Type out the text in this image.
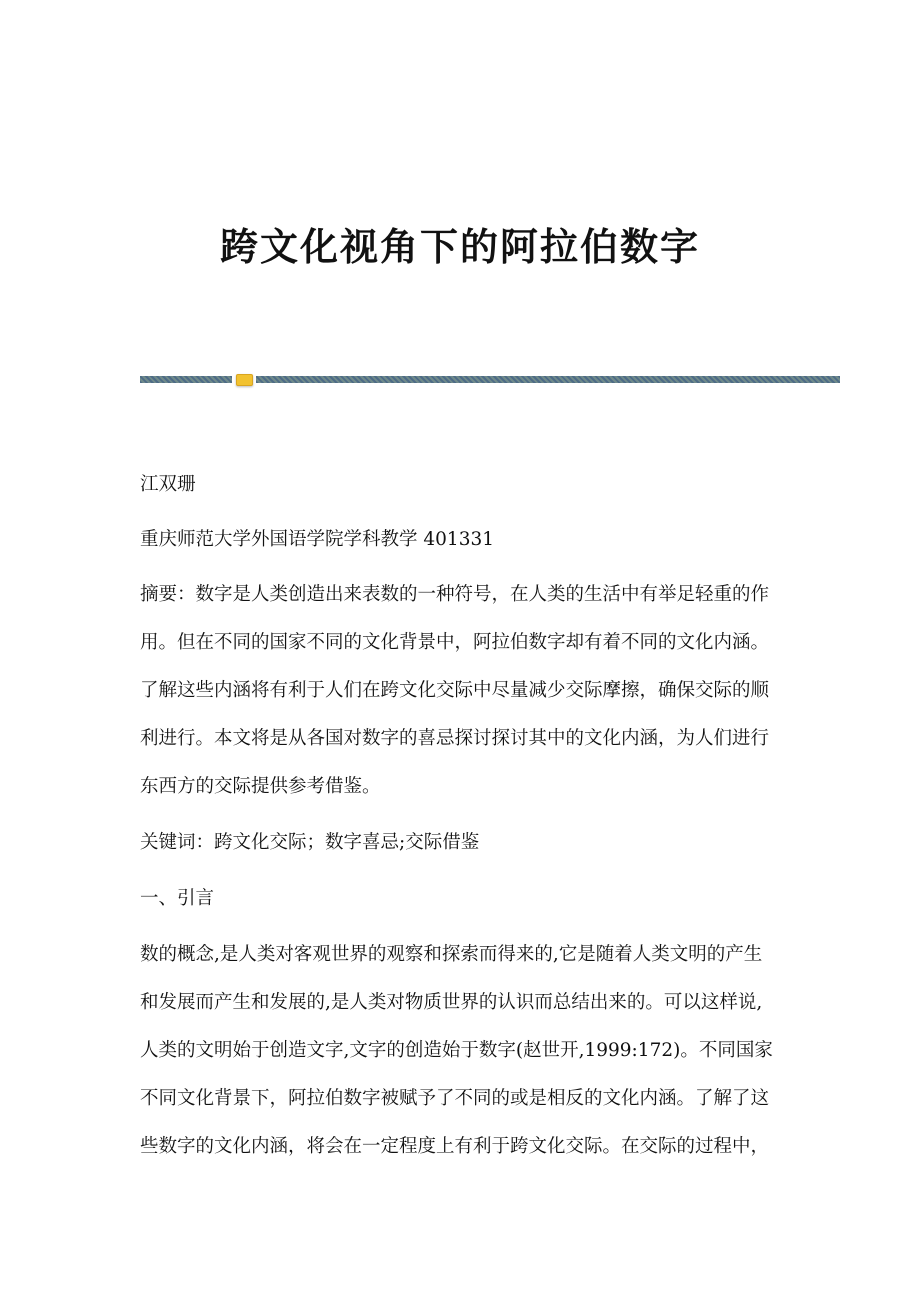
跨文化视角下的阿拉伯数字
江双珊
重庆师范大学外国语学院学科教学 401331
摘要：数字是人类创造出来表数的一种符号，在人类的生活中有举足轻重的作
用。但在不同的国家不同的文化背景中，阿拉伯数字却有着不同的文化内涵。
了解这些内涵将有利于人们在跨文化交际中尽量减少交际摩擦，确保交际的顺
利进行。本文将是从各国对数字的喜忌探讨探讨其中的文化内涵，为人们进行
东西方的交际提供参考借鉴。
关键词：跨文化交际；数字喜忌;交际借鉴
一、引言
数的概念,是人类对客观世界的观察和探索而得来的,它是随着人类文明的产生
和发展而产生和发展的,是人类对物质世界的认识而总结出来的。可以这样说,
人类的文明始于创造文字,文字的创造始于数字(赵世开,1999:172)。不同国家
不同文化背景下，阿拉伯数字被赋予了不同的或是相反的文化内涵。了解了这
些数字的文化内涵，将会在一定程度上有利于跨文化交际。在交际的过程中，
